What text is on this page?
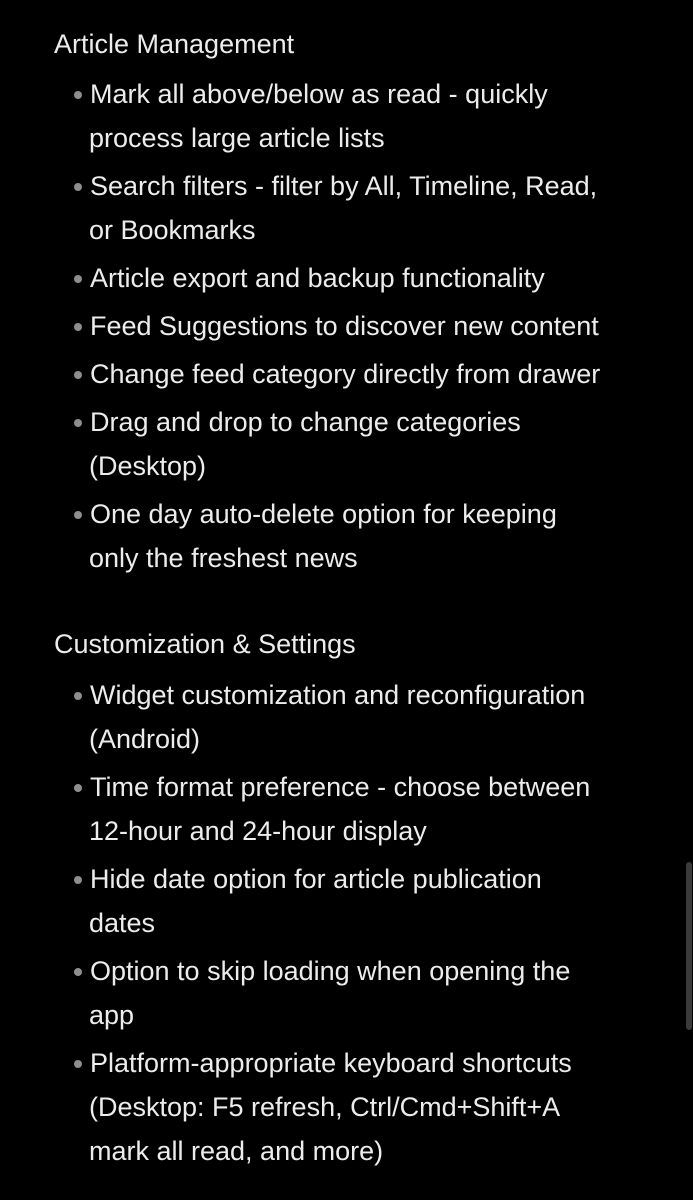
Article Management
Mark all above/below as read - quickly
process large article lists
Search filters - filter by All, Timeline, Read,
or Bookmarks
Article export and backup functionality
Feed Suggestions to discover new content
Change feed category directly from drawer
Drag and drop to change categories
(Desktop)
One day auto-delete option for keeping
only the freshest news
Customization & Settings
Widget customization and reconfiguration
(Android)
Time format preference - choose between
12-hour and 24-hour display
Hide date option for article publication
dates
Option to skip loading when opening the
app
Platform-appropriate keyboard shortcuts
(Desktop: F5 refresh, Ctrl/Cmd+Shift+A
mark all read, and more)
